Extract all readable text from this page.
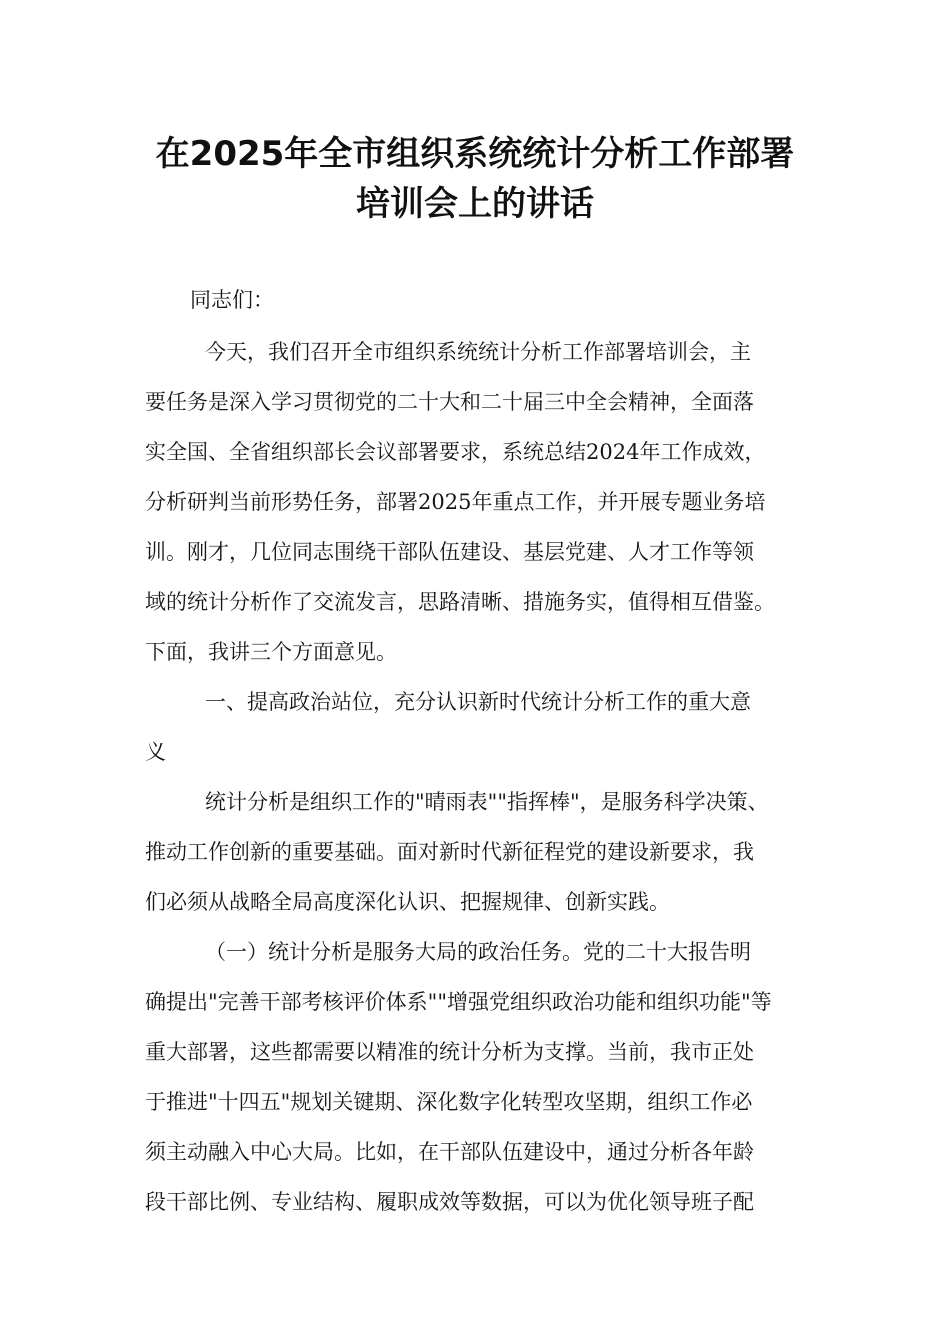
在2025年全市组织系统统计分析工作部署
培训会上的讲话
同志们：
今天，我们召开全市组织系统统计分析工作部署培训会，主
要任务是深入学习贯彻党的二十大和二十届三中全会精神，全面落
实全国、全省组织部长会议部署要求，系统总结2024年工作成效，
分析研判当前形势任务，部署2025年重点工作，并开展专题业务培
训。刚才，几位同志围绕干部队伍建设、基层党建、人才工作等领
域的统计分析作了交流发言，思路清晰、措施务实，值得相互借鉴。
下面，我讲三个方面意见。
一、提高政治站位，充分认识新时代统计分析工作的重大意
义
统计分析是组织工作的"晴雨表""指挥棒"，是服务科学决策、
推动工作创新的重要基础。面对新时代新征程党的建设新要求，我
们必须从战略全局高度深化认识、把握规律、创新实践。
（一）统计分析是服务大局的政治任务。党的二十大报告明
确提出"完善干部考核评价体系""增强党组织政治功能和组织功能"等
重大部署，这些都需要以精准的统计分析为支撑。当前，我市正处
于推进"十四五"规划关键期、深化数字化转型攻坚期，组织工作必
须主动融入中心大局。比如，在干部队伍建设中，通过分析各年龄
段干部比例、专业结构、履职成效等数据，可以为优化领导班子配
